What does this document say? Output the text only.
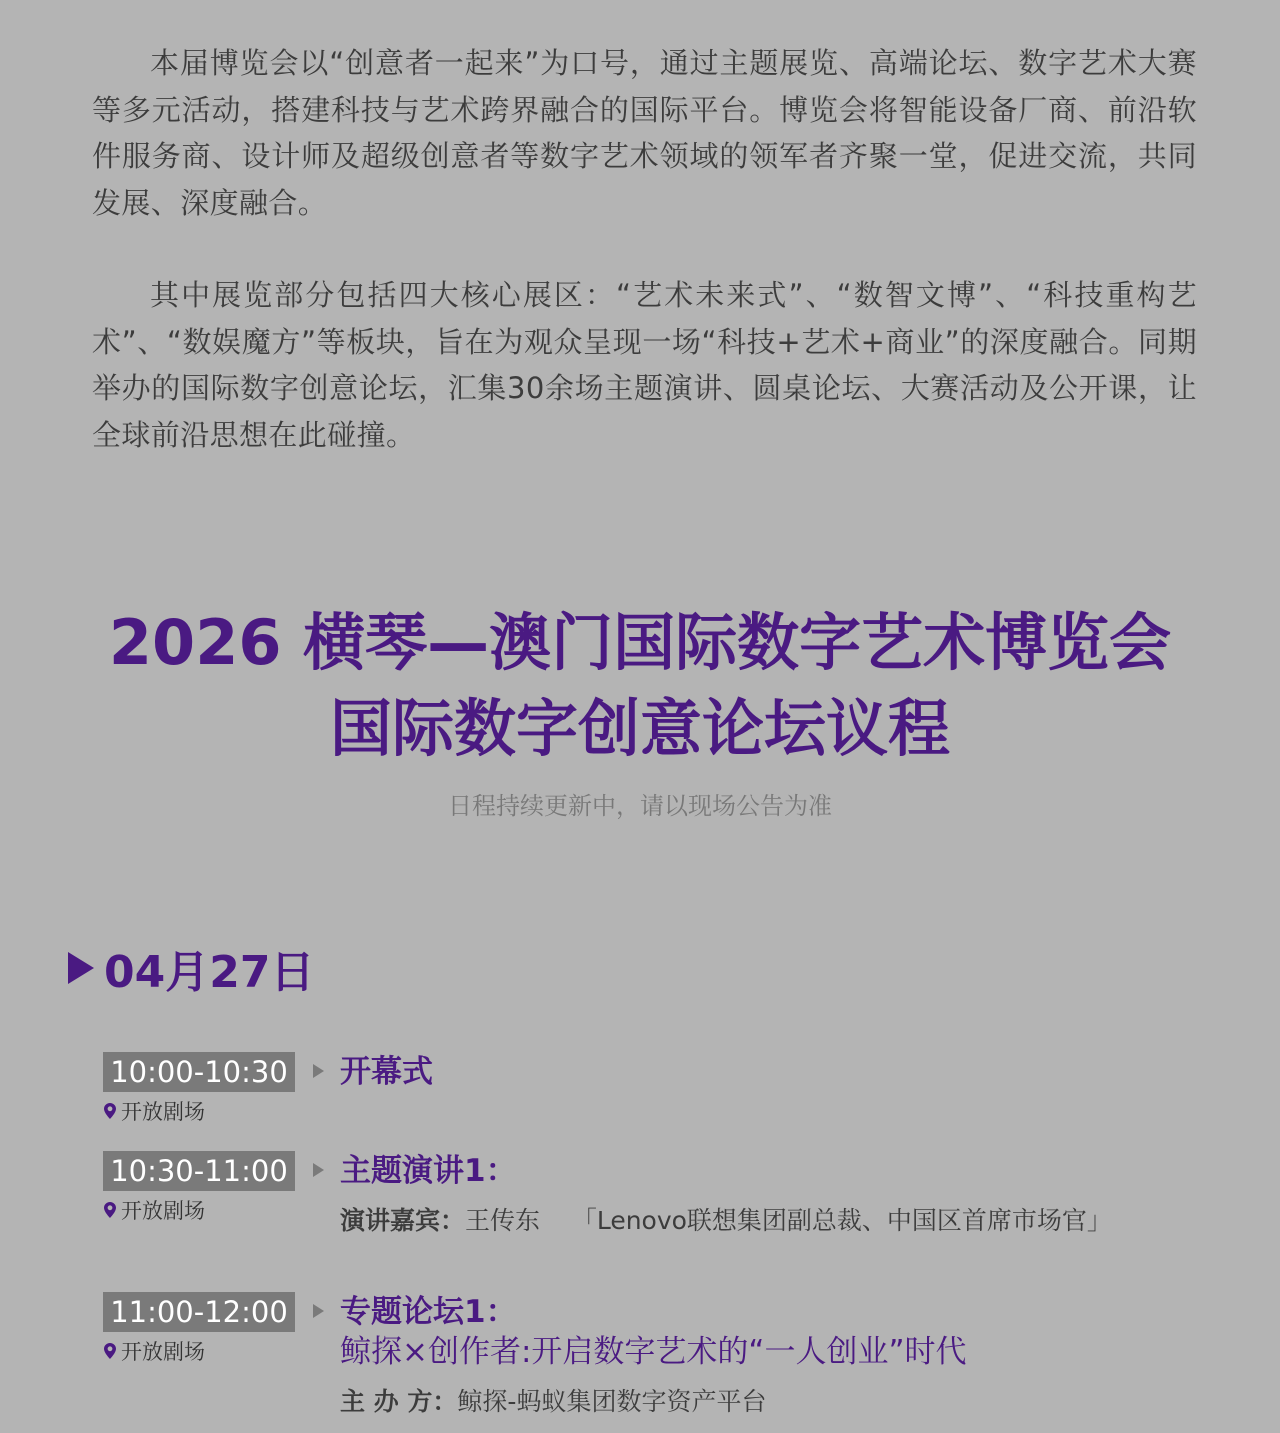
本届博览会以“创意者一起来”为口号，通过主题展览、高端论坛、数字艺术大赛等多元活动，搭建科技与艺术跨界融合的国际平台。博览会将智能设备厂商、前沿软件服务商、设计师及超级创意者等数字艺术领域的领军者齐聚一堂，促进交流，共同发展、深度融合。

其中展览部分包括四大核心展区：“艺术未来式”、“数智文博”、“科技重构艺术”、“数娱魔方”等板块，旨在为观众呈现一场“科技+艺术+商业”的深度融合。同期举办的国际数字创意论坛，汇集30余场主题演讲、圆桌论坛、大赛活动及公开课，让全球前沿思想在此碰撞。

2026 横琴—澳门国际数字艺术博览会
国际数字创意论坛议程
日程持续更新中，请以现场公告为准
04月27日
10:00-10:30
开放剧场
开幕式
10:30-11:00
开放剧场
主题演讲1：
演讲嘉宾：王传东 「Lenovo联想集团副总裁、中国区首席市场官」
11:00-12:00
开放剧场
专题论坛1：
鲸探×创作者:开启数字艺术的“一人创业”时代
主 办 方：鲸探-蚂蚁集团数字资产平台
